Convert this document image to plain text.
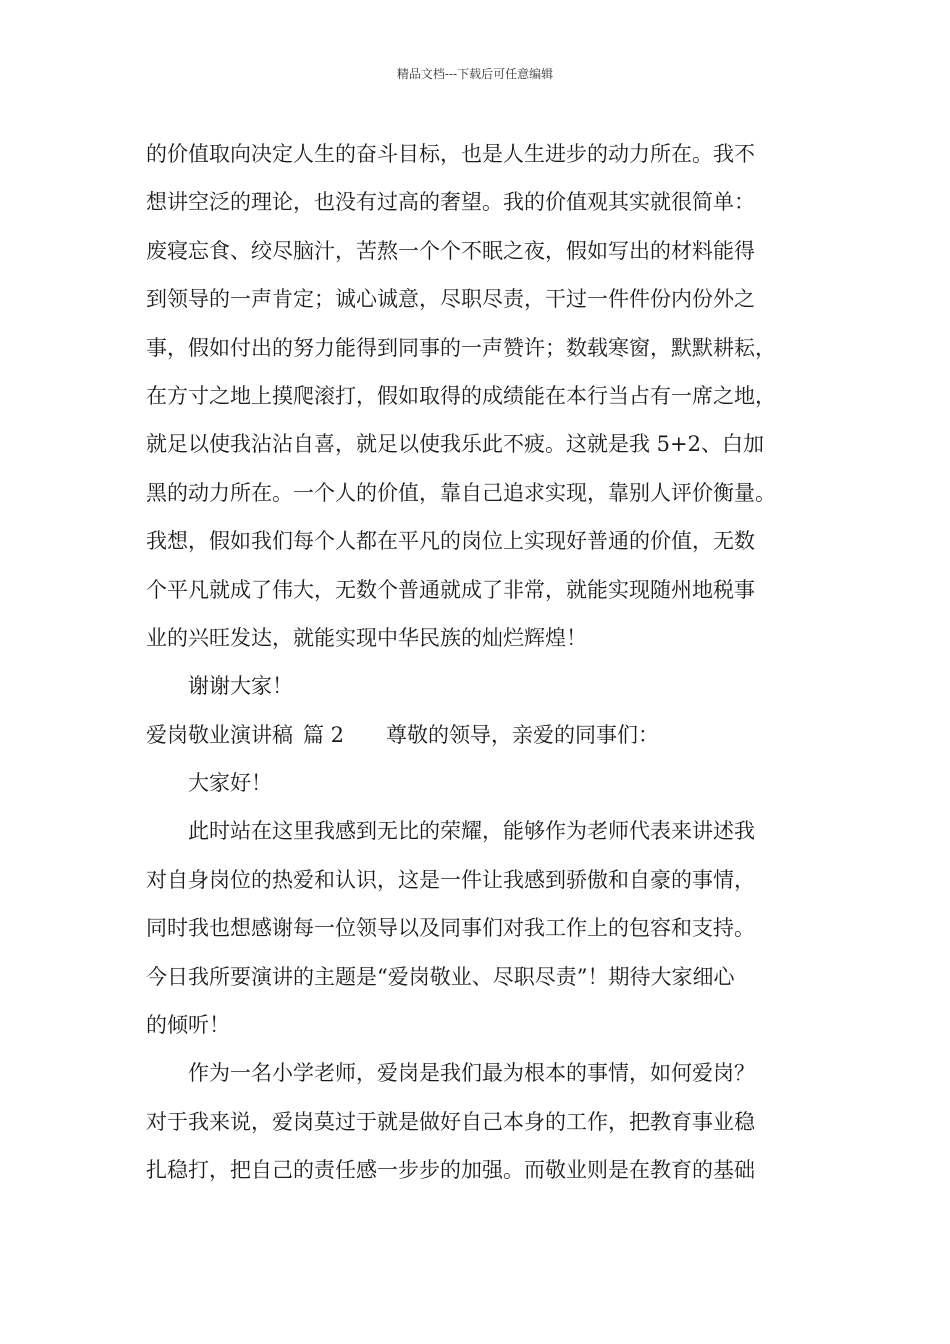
精品文档---下载后可任意编辑
的价值取向决定人生的奋斗目标，也是人生进步的动力所在。我不
想讲空泛的理论，也没有过高的奢望。我的价值观其实就很简单：
废寝忘食、绞尽脑汁，苦熬一个个不眠之夜，假如写出的材料能得
到领导的一声肯定；诚心诚意，尽职尽责，干过一件件份内份外之
事，假如付出的努力能得到同事的一声赞许；数载寒窗，默默耕耘，
在方寸之地上摸爬滚打，假如取得的成绩能在本行当占有一席之地，
就足以使我沾沾自喜，就足以使我乐此不疲。这就是我 5+2、白加
黑的动力所在。一个人的价值，靠自己追求实现，靠别人评价衡量。
我想，假如我们每个人都在平凡的岗位上实现好普通的价值，无数
个平凡就成了伟大，无数个普通就成了非常，就能实现随州地税事
业的兴旺发达，就能实现中华民族的灿烂辉煌！
谢谢大家！
爱岗敬业演讲稿 篇 2 尊敬的领导，亲爱的同事们：
大家好！
此时站在这里我感到无比的荣耀，能够作为老师代表来讲述我
对自身岗位的热爱和认识，这是一件让我感到骄傲和自豪的事情，
同时我也想感谢每一位领导以及同事们对我工作上的包容和支持。
今日我所要演讲的主题是“爱岗敬业、尽职尽责”！期待大家细心
的倾听！
作为一名小学老师，爱岗是我们最为根本的事情，如何爱岗？
对于我来说，爱岗莫过于就是做好自己本身的工作，把教育事业稳
扎稳打，把自己的责任感一步步的加强。而敬业则是在教育的基础
